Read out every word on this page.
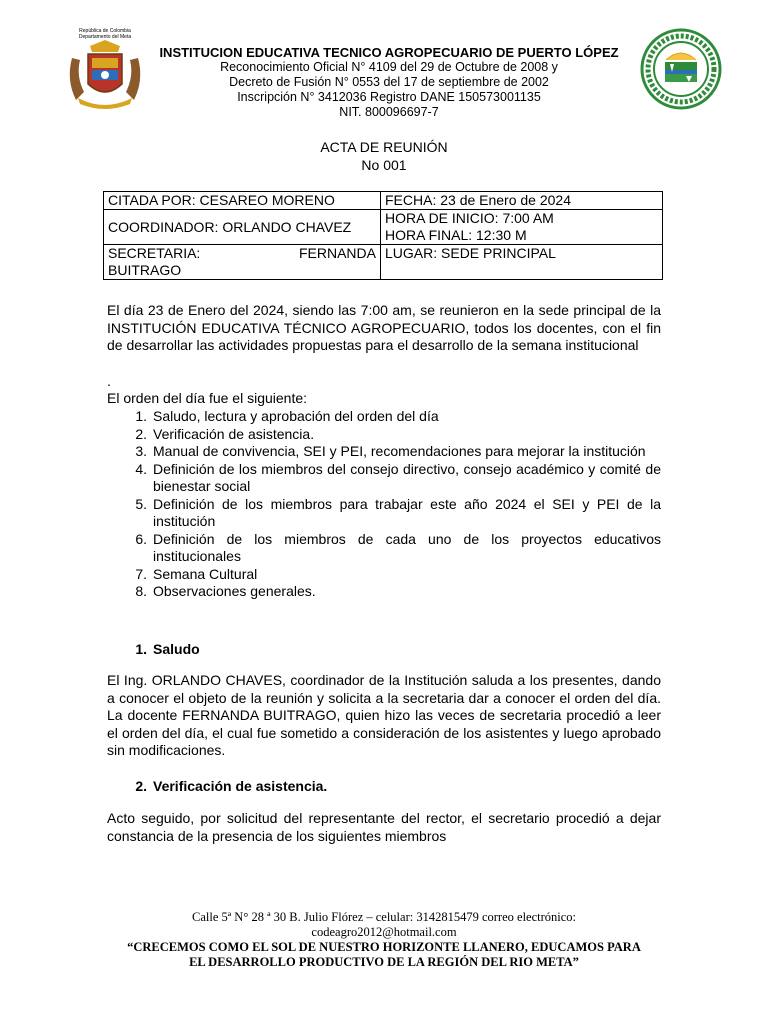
República de Colombia
Departamento del Meta
INSTITUCION EDUCATIVA TECNICO AGROPECUARIO DE PUERTO LÓPEZ
Reconocimiento Oficial N° 4109 del 29 de Octubre de 2008 y
Decreto de Fusión N° 0553 del 17 de septiembre de 2002
Inscripción N° 3412036 Registro DANE 150573001135
NIT. 800096697-7
ACTA DE REUNIÓN
No 001
CITADA POR: CESAREO MORENO	FECHA: 23 de Enero de 2024
COORDINADOR: ORLANDO CHAVEZ	HORA DE INICIO: 7:00 AM
HORA FINAL: 12:30 M

SECRETARIA: FERNANDA
BUITRAGO	LUGAR: SEDE PRINCIPAL
El día 23 de Enero del 2024, siendo las 7:00 am, se reunieron en la sede principal de la INSTITUCIÓN EDUCATIVA TÉCNICO AGROPECUARIO, todos los docentes, con el fin de desarrollar las actividades propuestas para el desarrollo de la semana institucional
.
El orden del día fue el siguiente:
1. Saludo, lectura y aprobación del orden del día
2. Verificación de asistencia.
3. Manual de convivencia, SEI y PEI, recomendaciones para mejorar la institución
4. Definición de los miembros del consejo directivo, consejo académico y comité de bienestar social
5. Definición de los miembros para trabajar este año 2024 el SEI y PEI de la institución
6. Definición de los miembros de cada uno de los proyectos educativos institucionales
7. Semana Cultural
8. Observaciones generales.
1. Saludo
El Ing. ORLANDO CHAVES, coordinador de la Institución saluda a los presentes, dando a conocer el objeto de la reunión y solicita a la secretaria dar a conocer el orden del día. La docente FERNANDA BUITRAGO, quien hizo las veces de secretaria procedió a leer el orden del día, el cual fue sometido a consideración de los asistentes y luego aprobado sin modificaciones.
2. Verificación de asistencia.
Acto seguido, por solicitud del representante del rector, el secretario procedió a dejar constancia de la presencia de los siguientes miembros
Calle 5ª N° 28 ª 30 B. Julio Flórez – celular: 3142815479 correo electrónico:
codeagro2012@hotmail.com
“CRECEMOS COMO EL SOL DE NUESTRO HORIZONTE LLANERO, EDUCAMOS PARA
EL DESARROLLO PRODUCTIVO DE LA REGIÓN DEL RIO META”
